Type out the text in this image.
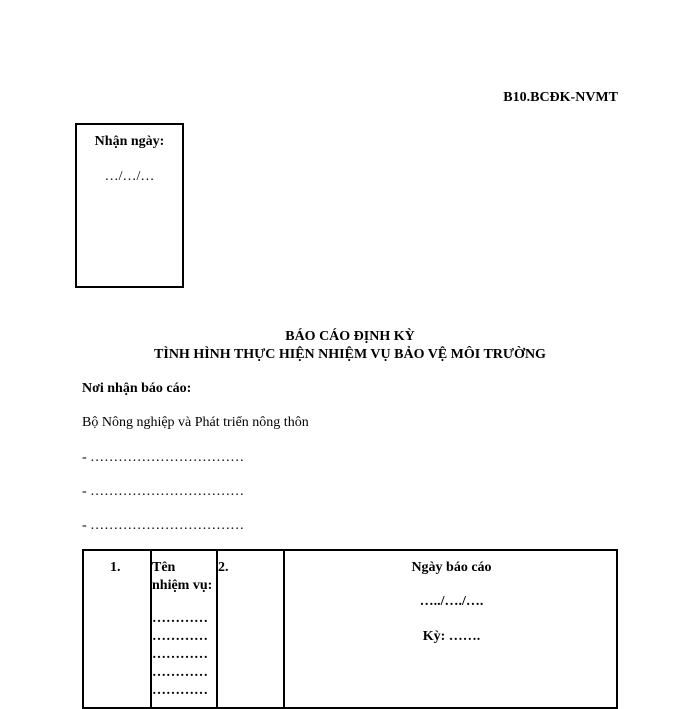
B10.BCĐK-NVMT
Nhận ngày:
…/…/…
BÁO CÁO ĐỊNH KỲ
TÌNH HÌNH THỰC HIỆN NHIỆM VỤ BẢO VỆ MÔI TRƯỜNG
Nơi nhận báo cáo:
Bộ Nông nghiệp và Phát triển nông thôn
- ……………………………
- ……………………………
- ……………………………
1. Tên
nhiệm vụ:
…………
…………
…………
…………
…………
2.	Ngày báo cáo
…../…./….
Kỳ: …….
